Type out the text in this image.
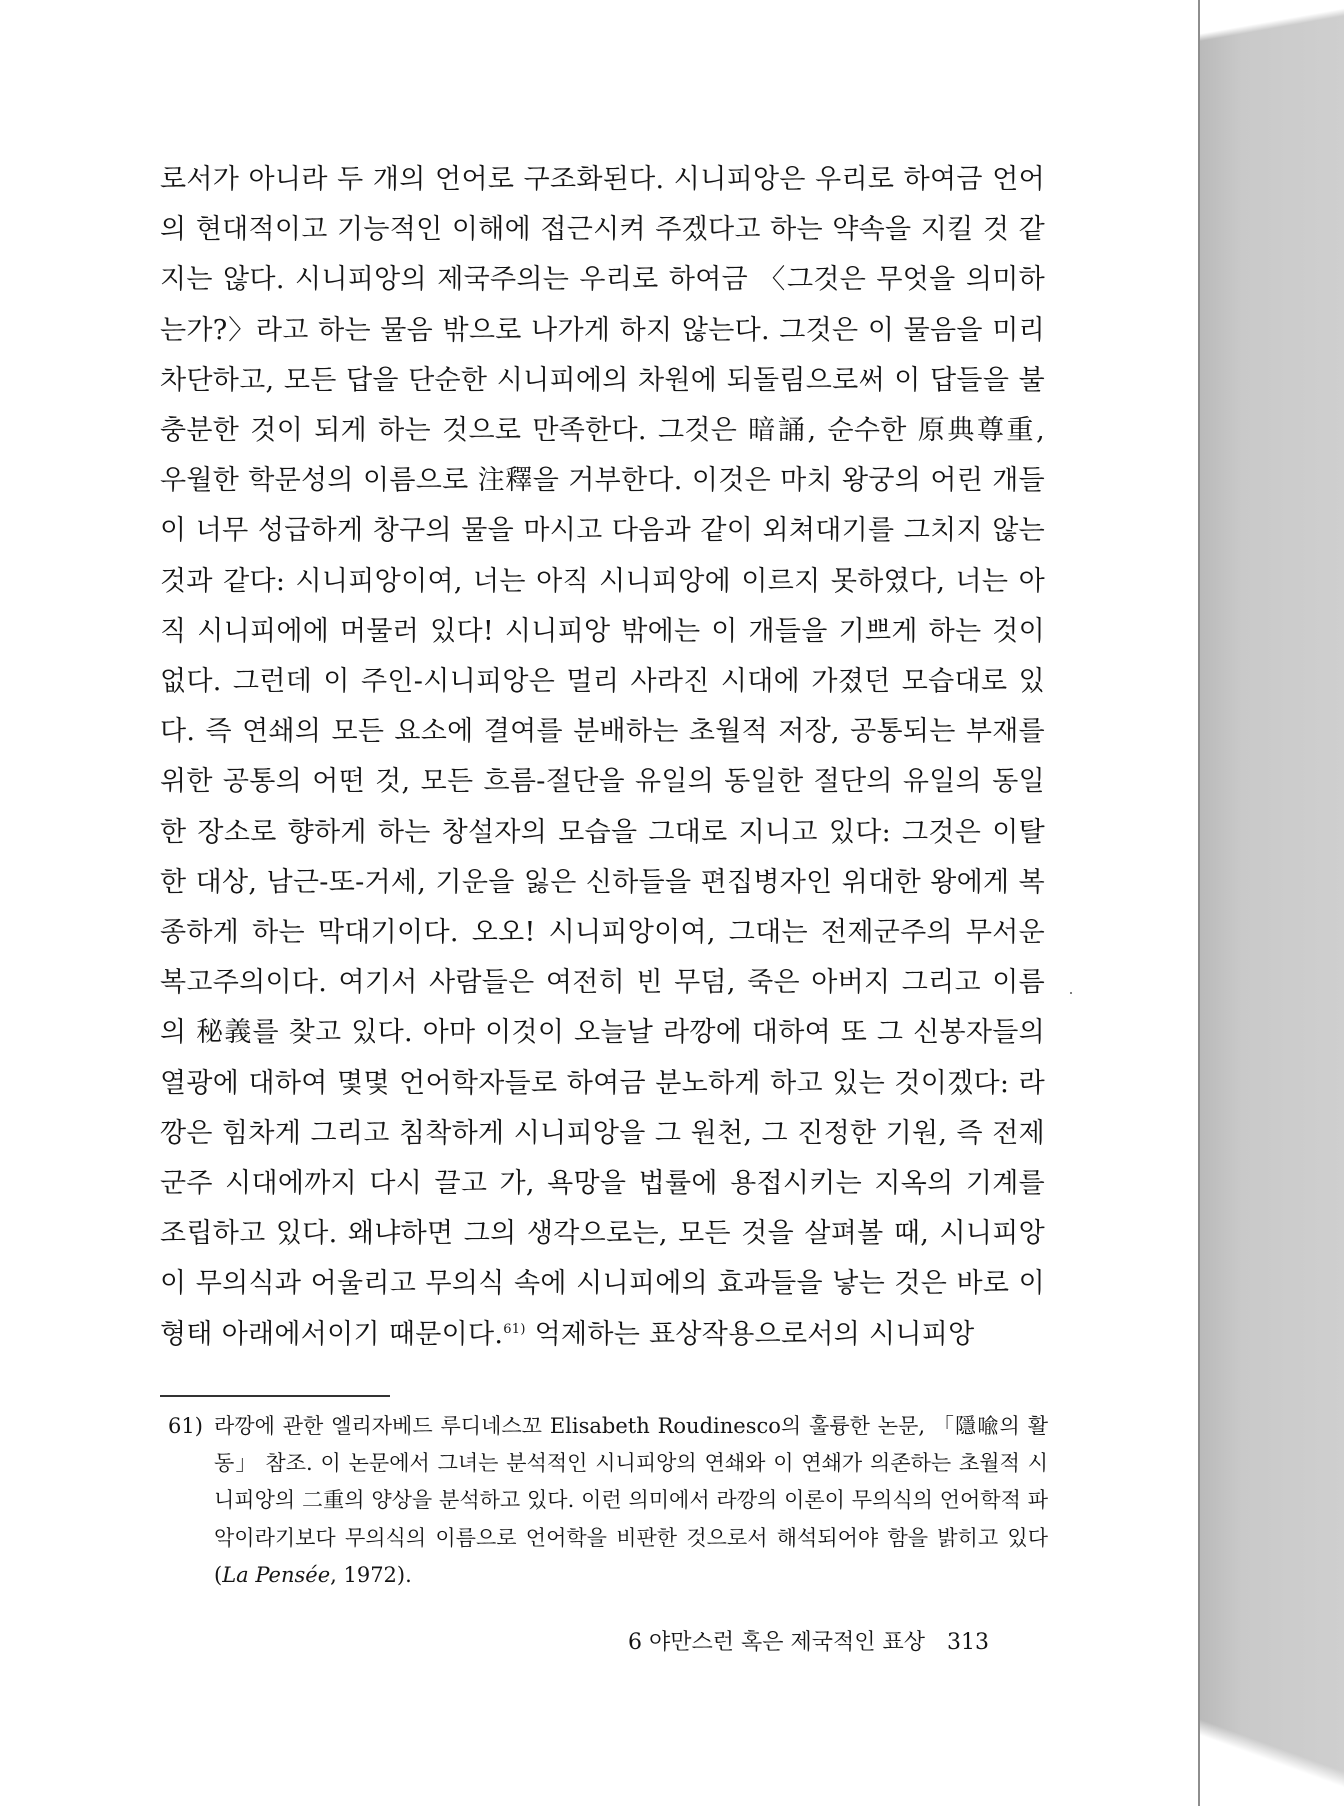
로서가 아니라 두 개의 언어로 구조화된다. 시니피앙은 우리로 하여금 언어의 현대적이고 기능적인 이해에 접근시켜 주겠다고 하는 약속을 지킬 것 같지는 않다. 시니피앙의 제국주의는 우리로 하여금 〈그것은 무엇을 의미하는가?〉라고 하는 물음 밖으로 나가게 하지 않는다. 그것은 이 물음을 미리 차단하고, 모든 답을 단순한 시니피에의 차원에 되돌림으로써 이 답들을 불충분한 것이 되게 하는 것으로 만족한다. 그것은 暗誦, 순수한 原典尊重, 우월한 학문성의 이름으로 注釋을 거부한다. 이것은 마치 왕궁의 어린 개들이 너무 성급하게 창구의 물을 마시고 다음과 같이 외쳐대기를 그치지 않는 것과 같다: 시니피앙이여, 너는 아직 시니피앙에 이르지 못하였다, 너는 아직 시니피에에 머물러 있다! 시니피앙 밖에는 이 개들을 기쁘게 하는 것이 없다. 그런데 이 주인-시니피앙은 멀리 사라진 시대에 가졌던 모습대로 있다. 즉 연쇄의 모든 요소에 결여를 분배하는 초월적 저장, 공통되는 부재를 위한 공통의 어떤 것, 모든 흐름-절단을 유일의 동일한 절단의 유일의 동일한 장소로 향하게 하는 창설자의 모습을 그대로 지니고 있다: 그것은 이탈한 대상, 남근-또-거세, 기운을 잃은 신하들을 편집병자인 위대한 왕에게 복종하게 하는 막대기이다. 오오! 시니피앙이여, 그대는 전제군주의 무서운 복고주의이다. 여기서 사람들은 여전히 빈 무덤, 죽은 아버지 그리고 이름의 秘義를 찾고 있다. 아마 이것이 오늘날 라깡에 대하여 또 그 신봉자들의 열광에 대하여 몇몇 언어학자들로 하여금 분노하게 하고 있는 것이겠다: 라깡은 힘차게 그리고 침착하게 시니피앙을 그 원천, 그 진정한 기원, 즉 전제군주 시대에까지 다시 끌고 가, 욕망을 법률에 용접시키는 지옥의 기계를 조립하고 있다. 왜냐하면 그의 생각으로는, 모든 것을 살펴볼 때, 시니피앙이 무의식과 어울리고 무의식 속에 시니피에의 효과들을 낳는 것은 바로 이 형태 아래에서이기 때문이다.$^{61)}$ 억제하는 표상작용으로서의 시니피앙

61) 라깡에 관한 엘리자베드 루디네스꼬 Elisabeth Roudinesco의 훌륭한 논문, 「隱喩의 활동」 참조. 이 논문에서 그녀는 분석적인 시니피앙의 연쇄와 이 연쇄가 의존하는 초월적 시니피앙의 二重의 양상을 분석하고 있다. 이런 의미에서 라깡의 이론이 무의식의 언어학적 파악이라기보다 무의식의 이름으로 언어학을 비판한 것으로서 해석되어야 함을 밝히고 있다(La Pensée, 1972).

6 야만스런 혹은 제국적인 표상 313
